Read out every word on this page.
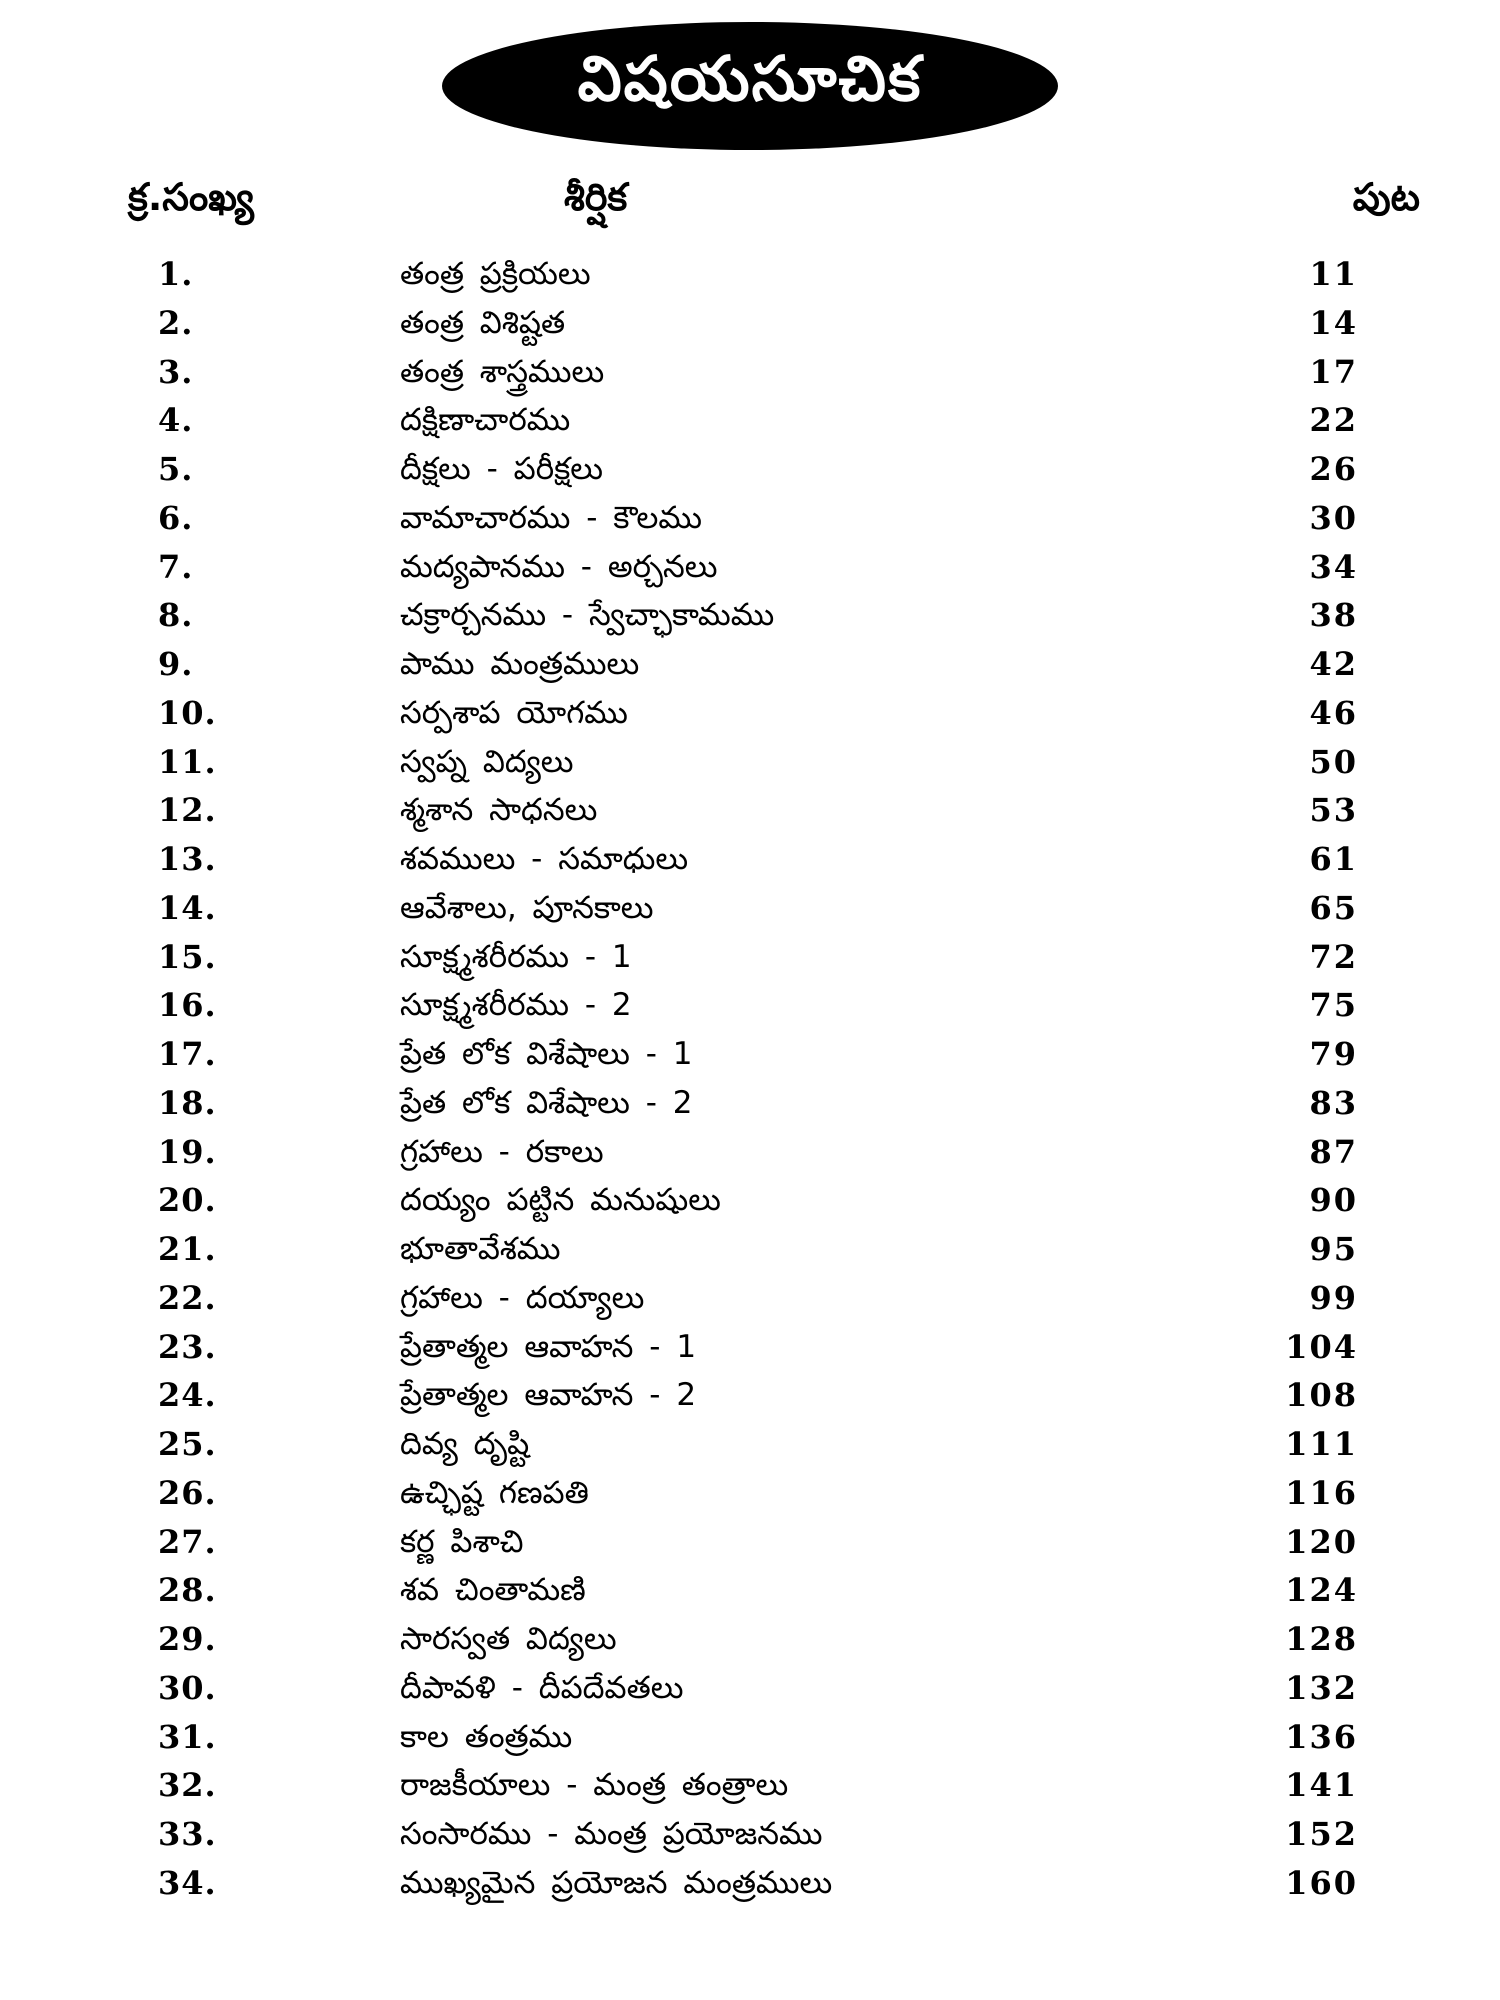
విషయసూచిక
క్ర.సంఖ్య	శీర్షిక	పుట
1.	తంత్ర ప్రక్రియలు	11
2.	తంత్ర విశిష్టత	14
3.	తంత్ర శాస్త్రములు	17
4.	దక్షిణాచారము	22
5.	దీక్షలు - పరీక్షలు	26
6.	వామాచారము - కౌలము	30
7.	మద్యపానము - అర్చనలు	34
8.	చక్రార్చనము - స్వేచ్ఛాకామము	38
9.	పాము మంత్రములు	42
10.	సర్పశాప యోగము	46
11.	స్వప్న విద్యలు	50
12.	శ్మశాన సాధనలు	53
13.	శవములు - సమాధులు	61
14.	ఆవేశాలు, పూనకాలు	65
15.	సూక్ష్మశరీరము - 1	72
16.	సూక్ష్మశరీరము - 2	75
17.	ప్రేత లోక విశేషాలు - 1	79
18.	ప్రేత లోక విశేషాలు - 2	83
19.	గ్రహాలు - రకాలు	87
20.	దయ్యం పట్టిన మనుషులు	90
21.	భూతావేశము	95
22.	గ్రహాలు - దయ్యాలు	99
23.	ప్రేతాత్మల ఆవాహన - 1	104
24.	ప్రేతాత్మల ఆవాహన - 2	108
25.	దివ్య దృష్టి	111
26.	ఉచ్ఛిష్ట గణపతి	116
27.	కర్ణ పిశాచి	120
28.	శవ చింతామణి	124
29.	సారస్వత విద్యలు	128
30.	దీపావళి - దీపదేవతలు	132
31.	కాల తంత్రము	136
32.	రాజకీయాలు - మంత్ర తంత్రాలు	141
33.	సంసారము - మంత్ర ప్రయోజనము	152
34.	ముఖ్యమైన ప్రయోజన మంత్రములు	160
